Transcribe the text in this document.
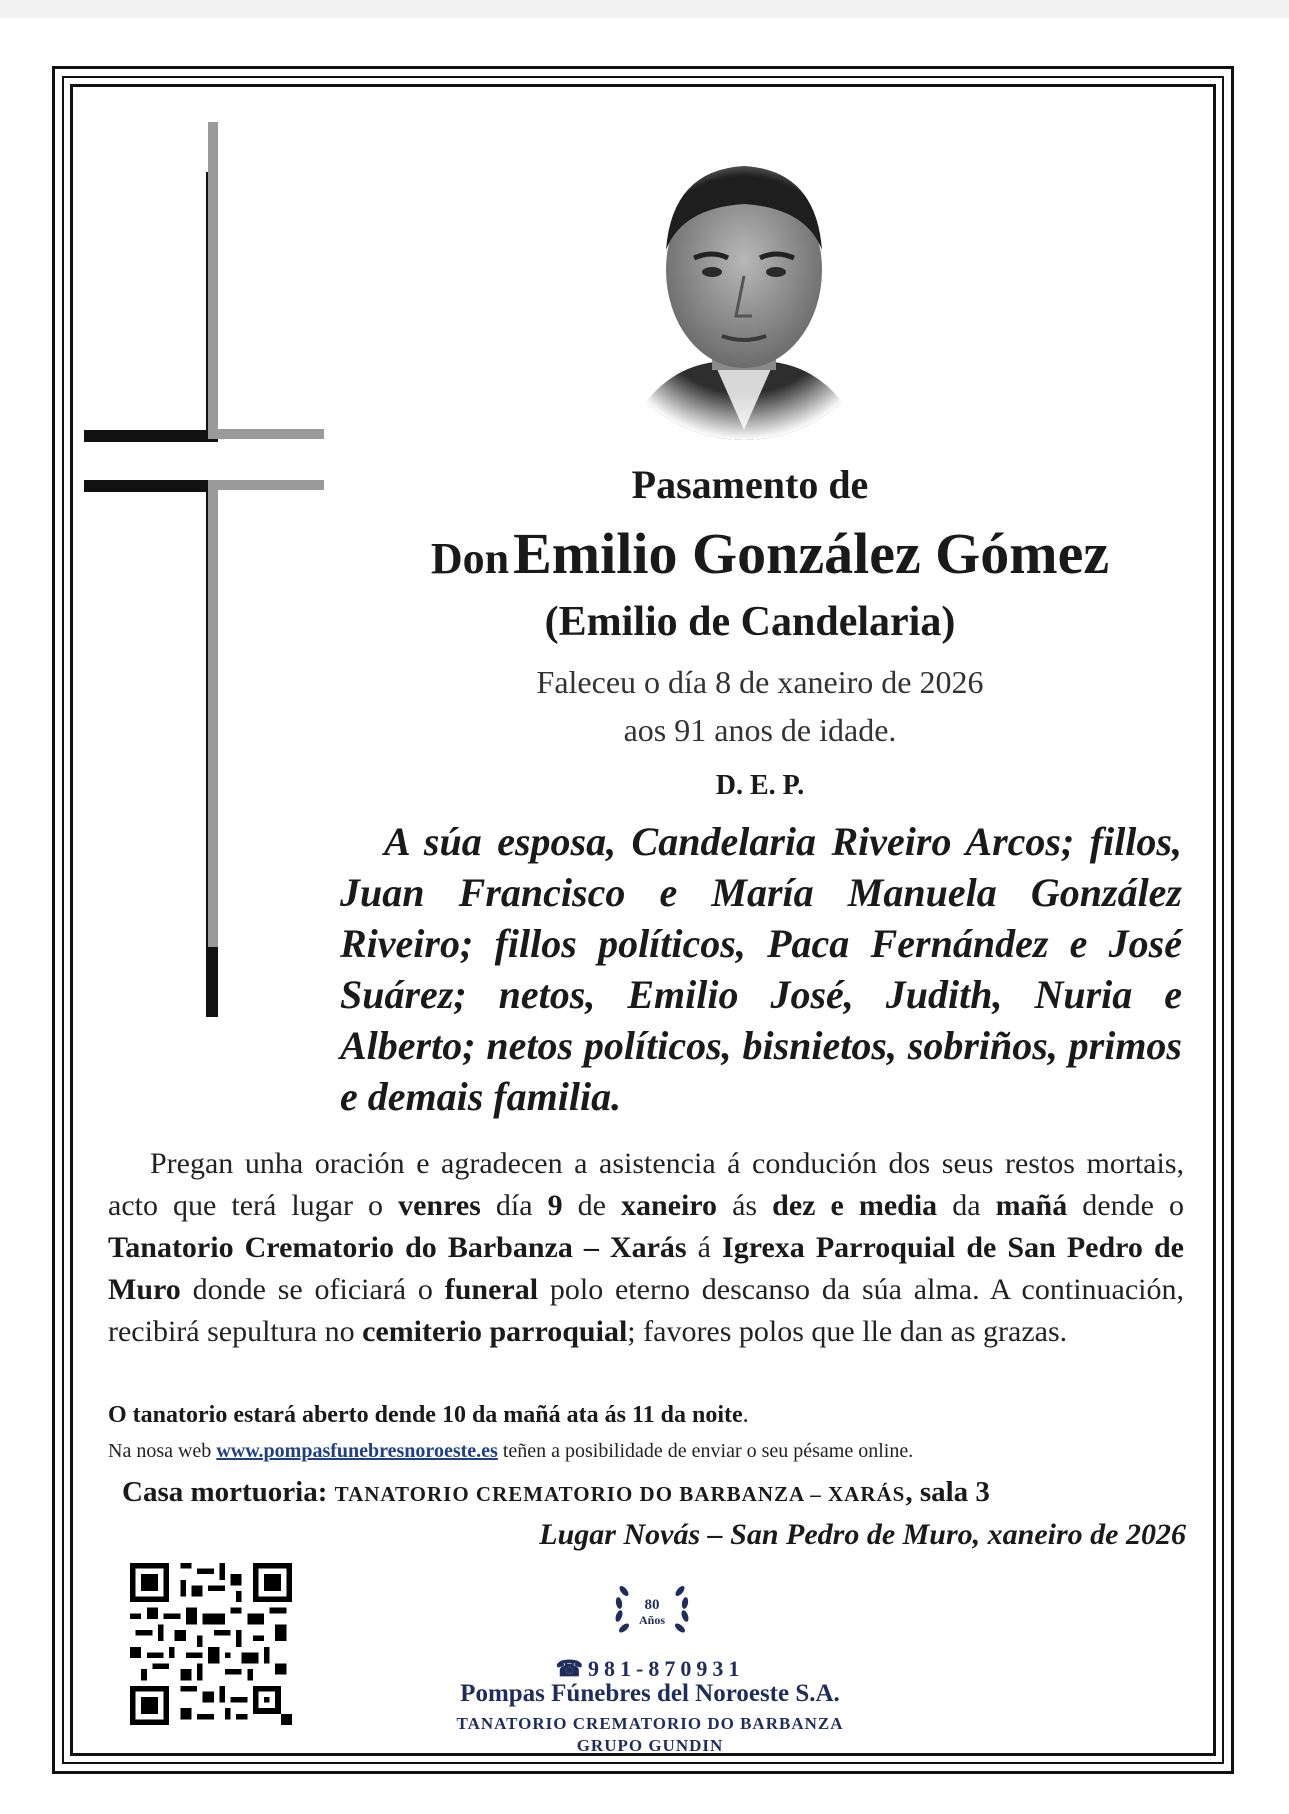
Pasamento de
Don Emilio González Gómez
(Emilio de Candelaria)
Faleceu o día 8 de xaneiro de 2026
aos 91 anos de idade.
D. E. P.
A súa esposa, Candelaria Riveiro Arcos; fillos, Juan Francisco e María Manuela González Riveiro; fillos políticos, Paca Fernández e José Suárez; netos, Emilio José, Judith, Nuria e Alberto; netos políticos, bisnietos, sobriños, primos e demais familia.
Pregan unha oración e agradecen a asistencia á condución dos seus restos mortais, acto que terá lugar o venres día 9 de xaneiro ás dez e media da mañá dende o Tanatorio Crematorio do Barbanza – Xarás á Igrexa Parroquial de San Pedro de Muro donde se oficiará o funeral polo eterno descanso da súa alma. A continuación, recibirá sepultura no cemiterio parroquial; favores polos que lle dan as grazas.
O tanatorio estará aberto dende 10 da mañá ata ás 11 da noite.
Na nosa web www.pompasfunebresnoroeste.es teñen a posibilidade de enviar o seu pésame online.
Casa mortuoria: TANATORIO CREMATORIO DO BARBANZA – XARÁS, sala 3
Lugar Novás – San Pedro de Muro, xaneiro de 2026
80
Años
☎981-870931
Pompas Fúnebres del Noroeste S.A.
TANATORIO CREMATORIO DO BARBANZA
GRUPO GUNDIN
